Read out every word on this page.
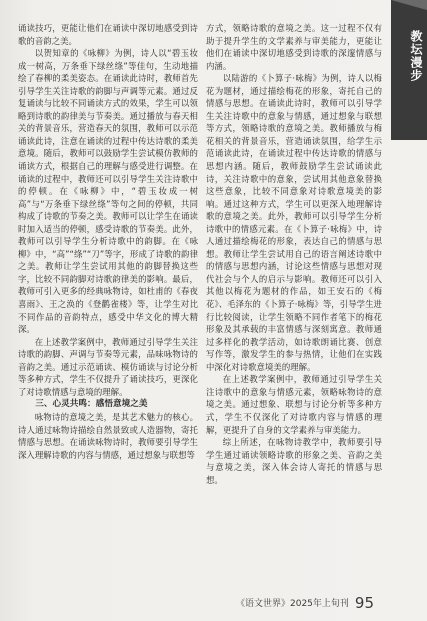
教坛漫步

诵读技巧，更能让他们在诵读中深切地感受到诗歌的音韵之美。

以贺知章的《咏柳》为例，诗人以“碧玉妆成一树高，万条垂下绿丝绦”等佳句，生动地描绘了春柳的柔美姿态。在诵读此诗时，教师首先引导学生关注诗歌的韵脚与声调等元素。通过反复诵读与比较不同诵读方式的效果，学生可以领略到诗歌的韵律美与节奏美。通过播放与春天相关的背景音乐，营造春天的氛围，教师可以示范诵读此诗，注意在诵读的过程中传达诗歌的柔美意境。随后，教师可以鼓励学生尝试模仿教师的诵读方式，根据自己的理解与感受进行调整。在诵读的过程中，教师还可以引导学生关注诗歌中的停顿。在《咏柳》中，“碧玉妆成一树高”与“万条垂下绿丝绦”等句之间的停顿，共同构成了诗歌的节奏之美。教师可以让学生在诵读时加入适当的停顿，感受诗歌的节奏美。此外，教师可以引导学生分析诗歌中的韵脚。在《咏柳》中，“高”“绦”“刀”等字，形成了诗歌的韵律之美。教师让学生尝试用其他的韵脚替换这些字，比较不同韵脚对诗歌韵律美的影响。最后，教师可引入更多的经典咏物诗，如杜甫的《春夜喜雨》、王之涣的《登鹳雀楼》等，让学生对比不同作品的音韵特点，感受中华文化的博大精深。

在上述教学案例中，教师通过引导学生关注诗歌的韵脚、声调与节奏等元素，品味咏物诗的音韵之美。通过示范诵读、模仿诵读与讨论分析等多种方式，学生不仅提升了诵读技巧，更深化了对诗歌情感与意境的理解。

三、心灵共鸣：感悟意境之美

咏物诗的意境之美，是其艺术魅力的核心。诗人通过咏物诗描绘自然景致或人造器物，寄托情感与思想。在诵读咏物诗时，教师要引导学生深入理解诗歌的内容与情感，通过想象与联想等

方式，领略诗歌的意境之美。这一过程不仅有助于提升学生的文学素养与审美能力，更能让他们在诵读中深切地感受到诗歌的深邃情感与内涵。

以陆游的《卜算子·咏梅》为例，诗人以梅花为题材，通过描绘梅花的形象，寄托自己的情感与思想。在诵读此诗时，教师可以引导学生关注诗歌中的意象与情感，通过想象与联想等方式，领略诗歌的意境之美。教师播放与梅花相关的背景音乐，营造诵读氛围，给学生示范诵读此诗，在诵读过程中传达诗歌的情感与思想内涵。随后，教师鼓励学生尝试诵读此诗，关注诗歌中的意象，尝试用其他意象替换这些意象，比较不同意象对诗歌意境美的影响。通过这种方式，学生可以更深入地理解诗歌的意境之美。此外，教师可以引导学生分析诗歌中的情感元素。在《卜算子·咏梅》中，诗人通过描绘梅花的形象，表达自己的情感与思想。教师让学生尝试用自己的语言阐述诗歌中的情感与思想内涵，讨论这些情感与思想对现代社会与个人的启示与影响。教师还可以引入其他以梅花为题材的作品，如王安石的《梅花》、毛泽东的《卜算子·咏梅》等，引导学生进行比较阅读，让学生领略不同作者笔下的梅花形象及其承载的丰富情感与深刻寓意。教师通过多样化的教学活动，如诗歌朗诵比赛、创意写作等，激发学生的参与热情，让他们在实践中深化对诗歌意境美的理解。

在上述教学案例中，教师通过引导学生关注诗歌中的意象与情感元素，领略咏物诗的意境之美。通过想象、联想与讨论分析等多种方式，学生不仅深化了对诗歌内容与情感的理解，更提升了自身的文学素养与审美能力。

综上所述，在咏物诗教学中，教师要引导学生通过诵读领略诗歌的形象之美、音韵之美与意境之美，深入体会诗人寄托的情感与思想。

《语文世界》2025年上旬刊 95
